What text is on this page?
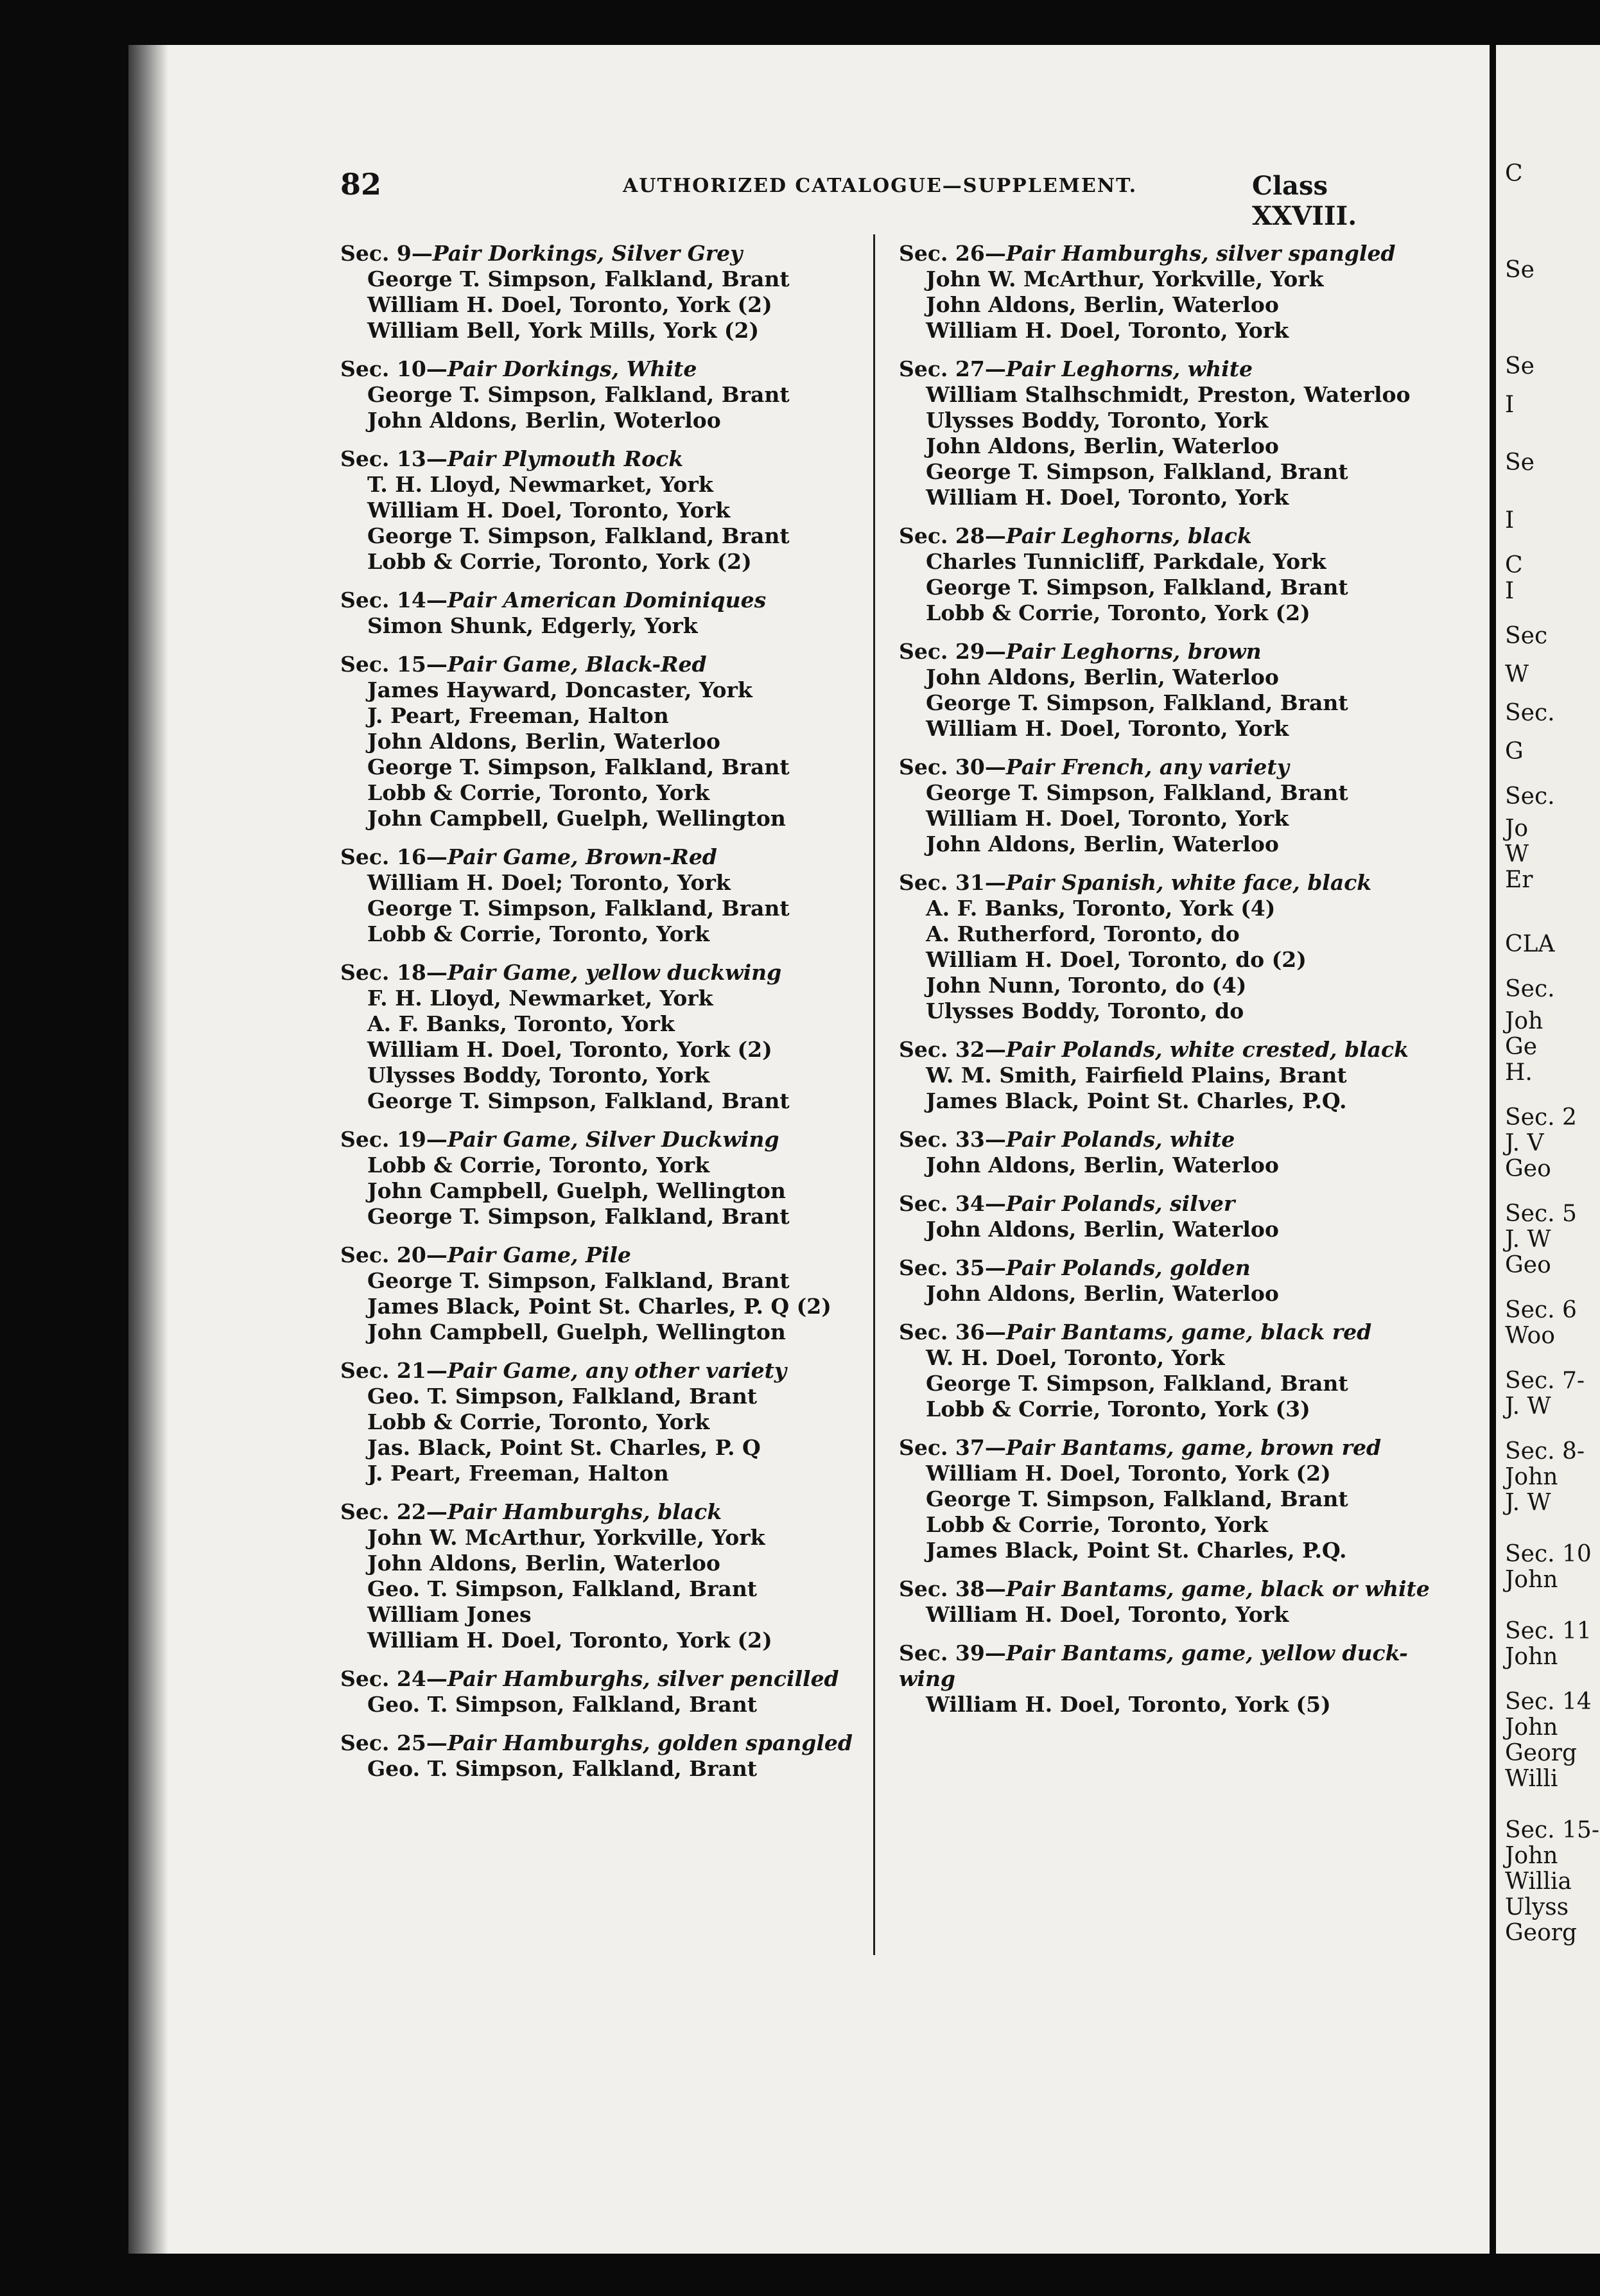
82	AUTHORIZED CATALOGUE—SUPPLEMENT.	Class XXVIII.
Sec. 9—Pair Dorkings, Silver Grey
George T. Simpson, Falkland, Brant
William H. Doel, Toronto, York (2)
William Bell, York Mills, York (2)
Sec. 10—Pair Dorkings, White
George T. Simpson, Falkland, Brant
John Aldons, Berlin, Woterloo
Sec. 13—Pair Plymouth Rock
T. H. Lloyd, Newmarket, York
William H. Doel, Toronto, York
George T. Simpson, Falkland, Brant
Lobb & Corrie, Toronto, York (2)
Sec. 14—Pair American Dominiques
Simon Shunk, Edgerly, York
Sec. 15—Pair Game, Black-Red
James Hayward, Doncaster, York
J. Peart, Freeman, Halton
John Aldons, Berlin, Waterloo
George T. Simpson, Falkland, Brant
Lobb & Corrie, Toronto, York
John Campbell, Guelph, Wellington
Sec. 16—Pair Game, Brown-Red
William H. Doel; Toronto, York
George T. Simpson, Falkland, Brant
Lobb & Corrie, Toronto, York
Sec. 18—Pair Game, yellow duckwing
F. H. Lloyd, Newmarket, York
A. F. Banks, Toronto, York
William H. Doel, Toronto, York (2)
Ulysses Boddy, Toronto, York
George T. Simpson, Falkland, Brant
Sec. 19—Pair Game, Silver Duckwing
Lobb & Corrie, Toronto, York
John Campbell, Guelph, Wellington
George T. Simpson, Falkland, Brant
Sec. 20—Pair Game, Pile
George T. Simpson, Falkland, Brant
James Black, Point St. Charles, P. Q (2)
John Campbell, Guelph, Wellington
Sec. 21—Pair Game, any other variety
Geo. T. Simpson, Falkland, Brant
Lobb & Corrie, Toronto, York
Jas. Black, Point St. Charles, P. Q
J. Peart, Freeman, Halton
Sec. 22—Pair Hamburghs, black
John W. McArthur, Yorkville, York
John Aldons, Berlin, Waterloo
Geo. T. Simpson, Falkland, Brant
William Jones
William H. Doel, Toronto, York (2)
Sec. 24—Pair Hamburghs, silver pencilled
Geo. T. Simpson, Falkland, Brant
Sec. 25—Pair Hamburghs, golden spangled
Geo. T. Simpson, Falkland, Brant
Sec. 26—Pair Hamburghs, silver spangled
John W. McArthur, Yorkville, York
John Aldons, Berlin, Waterloo
William H. Doel, Toronto, York
Sec. 27—Pair Leghorns, white
William Stalhschmidt, Preston, Waterloo
Ulysses Boddy, Toronto, York
John Aldons, Berlin, Waterloo
George T. Simpson, Falkland, Brant
William H. Doel, Toronto, York
Sec. 28—Pair Leghorns, black
Charles Tunnicliff, Parkdale, York
George T. Simpson, Falkland, Brant
Lobb & Corrie, Toronto, York (2)
Sec. 29—Pair Leghorns, brown
John Aldons, Berlin, Waterloo
George T. Simpson, Falkland, Brant
William H. Doel, Toronto, York
Sec. 30—Pair French, any variety
George T. Simpson, Falkland, Brant
William H. Doel, Toronto, York
John Aldons, Berlin, Waterloo
Sec. 31—Pair Spanish, white face, black
A. F. Banks, Toronto, York (4)
A. Rutherford, Toronto, do
William H. Doel, Toronto, do (2)
John Nunn, Toronto, do (4)
Ulysses Boddy, Toronto, do
Sec. 32—Pair Polands, white crested, black
W. M. Smith, Fairfield Plains, Brant
James Black, Point St. Charles, P.Q.
Sec. 33—Pair Polands, white
John Aldons, Berlin, Waterloo
Sec. 34—Pair Polands, silver
John Aldons, Berlin, Waterloo
Sec. 35—Pair Polands, golden
John Aldons, Berlin, Waterloo
Sec. 36—Pair Bantams, game, black red
W. H. Doel, Toronto, York
George T. Simpson, Falkland, Brant
Lobb & Corrie, Toronto, York (3)
Sec. 37—Pair Bantams, game, brown red
William H. Doel, Toronto, York (2)
George T. Simpson, Falkland, Brant
Lobb & Corrie, Toronto, York
James Black, Point St. Charles, P.Q.
Sec. 38—Pair Bantams, game, black or white
William H. Doel, Toronto, York
Sec. 39—Pair Bantams, game, yellow duck-
wing
William H. Doel, Toronto, York (5)
C
Se
Se
I
Se
I
C
I
Sec
W
Sec.
G
Sec.
Jo
W
Er
CLA
Sec.
Joh
Ge
H.
Sec. 2
J. V
Geo
Sec. 5
J. W
Geo
Sec. 6
Woo
Sec. 7-
J. W
Sec. 8-
John
J. W
Sec. 10
John
Sec. 11
John
Sec. 14
John
Georg
Willi
Sec. 15-
John
Willia
Ulyss
Georg
